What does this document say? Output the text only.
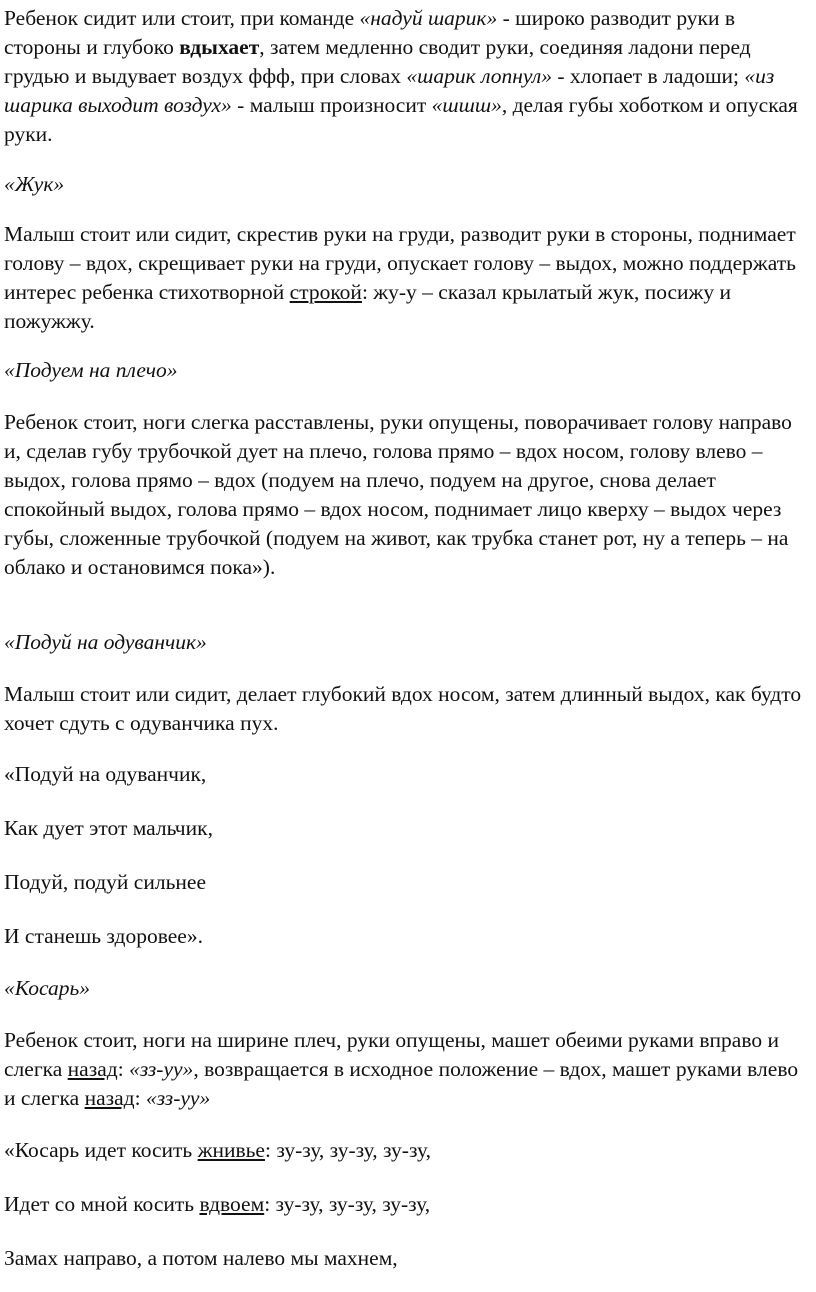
Ребенок сидит или стоит, при команде «надуй шарик» - широко разводит руки в стороны и глубоко вдыхает, затем медленно сводит руки, соединяя ладони перед грудью и выдувает воздух ффф, при словах «шарик лопнул» - хлопает в ладоши; «из шарика выходит воздух» - малыш произносит «шшш», делая губы хоботком и опуская руки.

«Жук»

Малыш стоит или сидит, скрестив руки на груди, разводит руки в стороны, поднимает голову – вдох, скрещивает руки на груди, опускает голову – выдох, можно поддержать интерес ребенка стихотворной строкой: жу-у – сказал крылатый жук, посижу и пожужжу.

«Подуем на плечо»

Ребенок стоит, ноги слегка расставлены, руки опущены, поворачивает голову направо и, сделав губу трубочкой дует на плечо, голова прямо – вдох носом, голову влево – выдох, голова прямо – вдох (подуем на плечо, подуем на другое, снова делает спокойный выдох, голова прямо – вдох носом, поднимает лицо кверху – выдох через губы, сложенные трубочкой (подуем на живот, как трубка станет рот, ну а теперь – на облако и остановимся пока»).

«Подуй на одуванчик»

Малыш стоит или сидит, делает глубокий вдох носом, затем длинный выдох, как будто хочет сдуть с одуванчика пух.

«Подуй на одуванчик,

Как дует этот мальчик,

Подуй, подуй сильнее

И станешь здоровее».

«Косарь»

Ребенок стоит, ноги на ширине плеч, руки опущены, машет обеими руками вправо и слегка назад: «зз-уу», возвращается в исходное положение – вдох, машет руками влево и слегка назад: «зз-уу»

«Косарь идет косить жнивье: зу-зу, зу-зу, зу-зу,

Идет со мной косить вдвоем: зу-зу, зу-зу, зу-зу,

Замах направо, а потом налево мы махнем,
